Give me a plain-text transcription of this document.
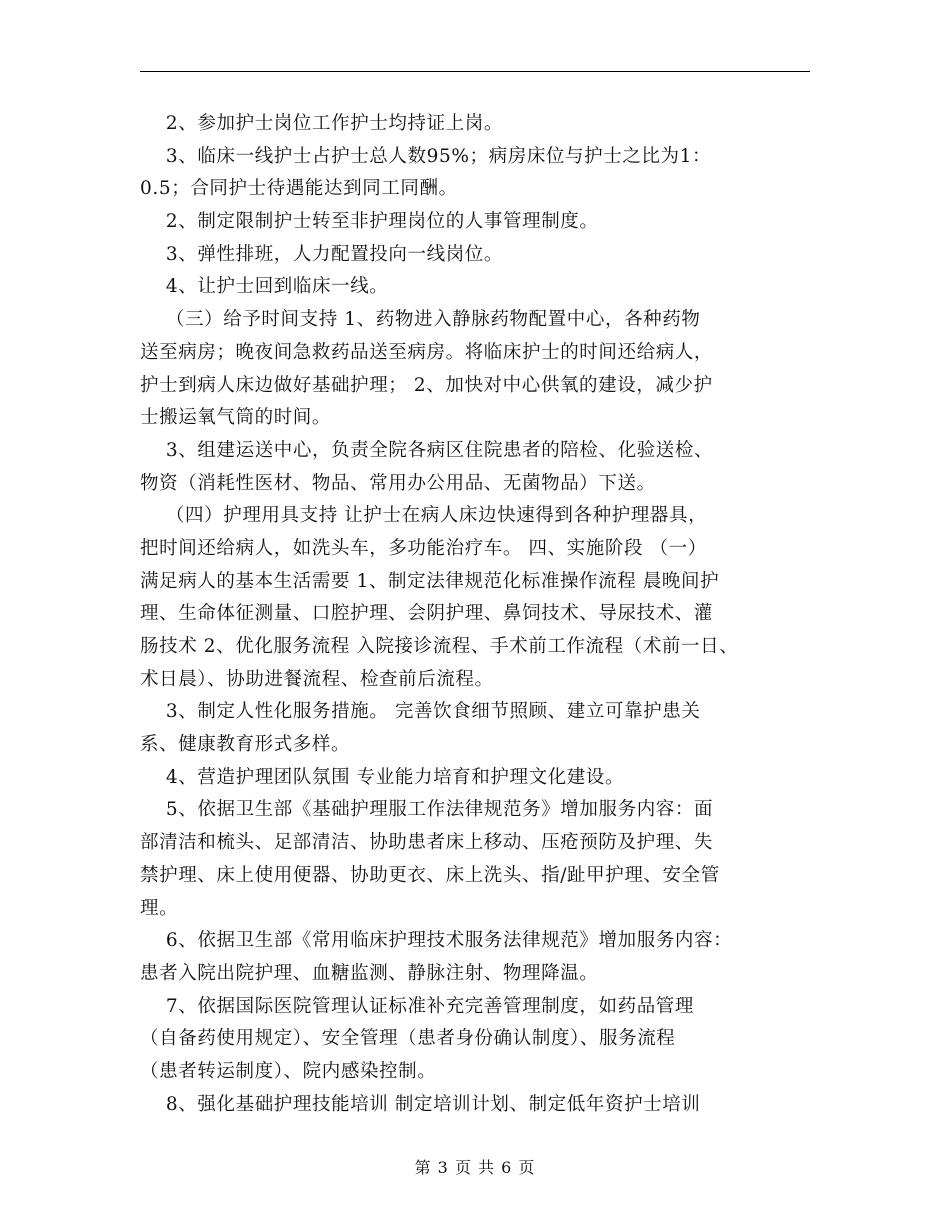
2、参加护士岗位工作护士均持证上岗。
3、临床一线护士占护士总人数95%；病房床位与护士之比为1：
0.5；合同护士待遇能达到同工同酬。
2、制定限制护士转至非护理岗位的人事管理制度。
3、弹性排班，人力配置投向一线岗位。
4、让护士回到临床一线。
（三）给予时间支持 1、药物进入静脉药物配置中心，各种药物
送至病房；晚夜间急救药品送至病房。将临床护士的时间还给病人，
护士到病人床边做好基础护理； 2、加快对中心供氧的建设，减少护
士搬运氧气筒的时间。
3、组建运送中心，负责全院各病区住院患者的陪检、化验送检、
物资（消耗性医材、物品、常用办公用品、无菌物品）下送。
（四）护理用具支持 让护士在病人床边快速得到各种护理器具，
把时间还给病人，如洗头车，多功能治疗车。 四、实施阶段 （一）
满足病人的基本生活需要 1、制定法律规范化标准操作流程 晨晚间护
理、生命体征测量、口腔护理、会阴护理、鼻饲技术、导尿技术、灌
肠技术 2、优化服务流程 入院接诊流程、手术前工作流程（术前一日、
术日晨）、协助进餐流程、检查前后流程。
3、制定人性化服务措施。 完善饮食细节照顾、建立可靠护患关
系、健康教育形式多样。
4、营造护理团队氛围 专业能力培育和护理文化建设。
5、依据卫生部《基础护理服工作法律规范务》增加服务内容：面
部清洁和梳头、足部清洁、协助患者床上移动、压疮预防及护理、失
禁护理、床上使用便器、协助更衣、床上洗头、指/趾甲护理、安全管
理。
6、依据卫生部《常用临床护理技术服务法律规范》增加服务内容：
患者入院出院护理、血糖监测、静脉注射、物理降温。
7、依据国际医院管理认证标准补充完善管理制度，如药品管理
（自备药使用规定）、安全管理（患者身份确认制度）、服务流程
（患者转运制度）、院内感染控制。
8、强化基础护理技能培训 制定培训计划、制定低年资护士培训
第 3 页 共 6 页
